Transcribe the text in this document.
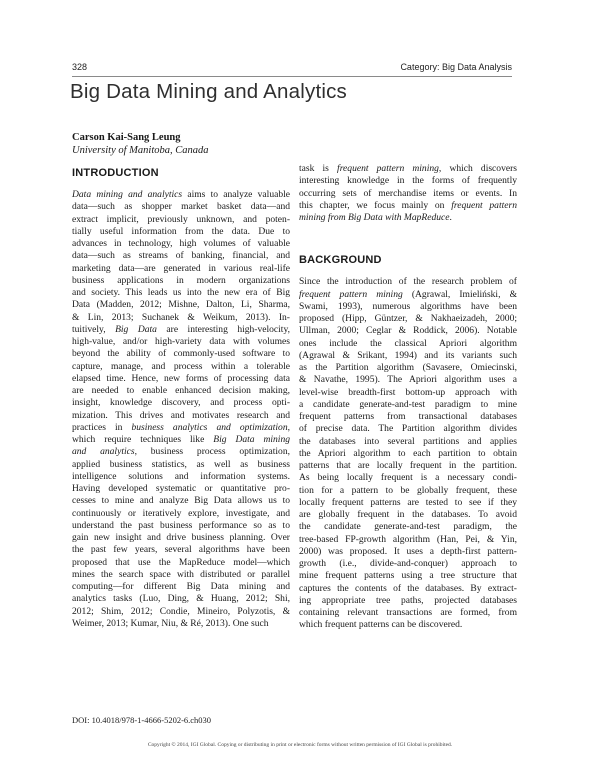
328	Category: Big Data Analysis
Big Data Mining and Analytics
Carson Kai-Sang Leung
University of Manitoba, Canada
INTRODUCTION
Data mining and analytics aims to analyze valuable
data—such as shopper market basket data—and
extract implicit, previously unknown, and poten-
tially useful information from the data. Due to
advances in technology, high volumes of valuable
data—such as streams of banking, financial, and
marketing data—are generated in various real-life
business applications in modern organizations
and society. This leads us into the new era of Big
Data (Madden, 2012; Mishne, Dalton, Li, Sharma,
& Lin, 2013; Suchanek & Weikum, 2013). In-
tuitively, Big Data are interesting high-velocity,
high-value, and/or high-variety data with volumes
beyond the ability of commonly-used software to
capture, manage, and process within a tolerable
elapsed time. Hence, new forms of processing data
are needed to enable enhanced decision making,
insight, knowledge discovery, and process opti-
mization. This drives and motivates research and
practices in business analytics and optimization,
which require techniques like Big Data mining
and analytics, business process optimization,
applied business statistics, as well as business
intelligence solutions and information systems.
Having developed systematic or quantitative pro-
cesses to mine and analyze Big Data allows us to
continuously or iteratively explore, investigate, and
understand the past business performance so as to
gain new insight and drive business planning. Over
the past few years, several algorithms have been
proposed that use the MapReduce model—which
mines the search space with distributed or parallel
computing—for different Big Data mining and
analytics tasks (Luo, Ding, & Huang, 2012; Shi,
2012; Shim, 2012; Condie, Mineiro, Polyzotis, &
Weimer, 2013; Kumar, Niu, & Ré, 2013). One such
task is frequent pattern mining, which discovers
interesting knowledge in the forms of frequently
occurring sets of merchandise items or events. In
this chapter, we focus mainly on frequent pattern
mining from Big Data with MapReduce.
BACKGROUND
Since the introduction of the research problem of
frequent pattern mining (Agrawal, Imieliński, &
Swami, 1993), numerous algorithms have been
proposed (Hipp, Güntzer, & Nakhaeizadeh, 2000;
Ullman, 2000; Ceglar & Roddick, 2006). Notable
ones include the classical Apriori algorithm
(Agrawal & Srikant, 1994) and its variants such
as the Partition algorithm (Savasere, Omiecinski,
& Navathe, 1995). The Apriori algorithm uses a
level-wise breadth-first bottom-up approach with
a candidate generate-and-test paradigm to mine
frequent patterns from transactional databases
of precise data. The Partition algorithm divides
the databases into several partitions and applies
the Apriori algorithm to each partition to obtain
patterns that are locally frequent in the partition.
As being locally frequent is a necessary condi-
tion for a pattern to be globally frequent, these
locally frequent patterns are tested to see if they
are globally frequent in the databases. To avoid
the candidate generate-and-test paradigm, the
tree-based FP-growth algorithm (Han, Pei, & Yin,
2000) was proposed. It uses a depth-first pattern-
growth (i.e., divide-and-conquer) approach to
mine frequent patterns using a tree structure that
captures the contents of the databases. By extract-
ing appropriate tree paths, projected databases
containing relevant transactions are formed, from
which frequent patterns can be discovered.
DOI: 10.4018/978-1-4666-5202-6.ch030
Copyright © 2014, IGI Global. Copying or distributing in print or electronic forms without written permission of IGI Global is prohibited.
